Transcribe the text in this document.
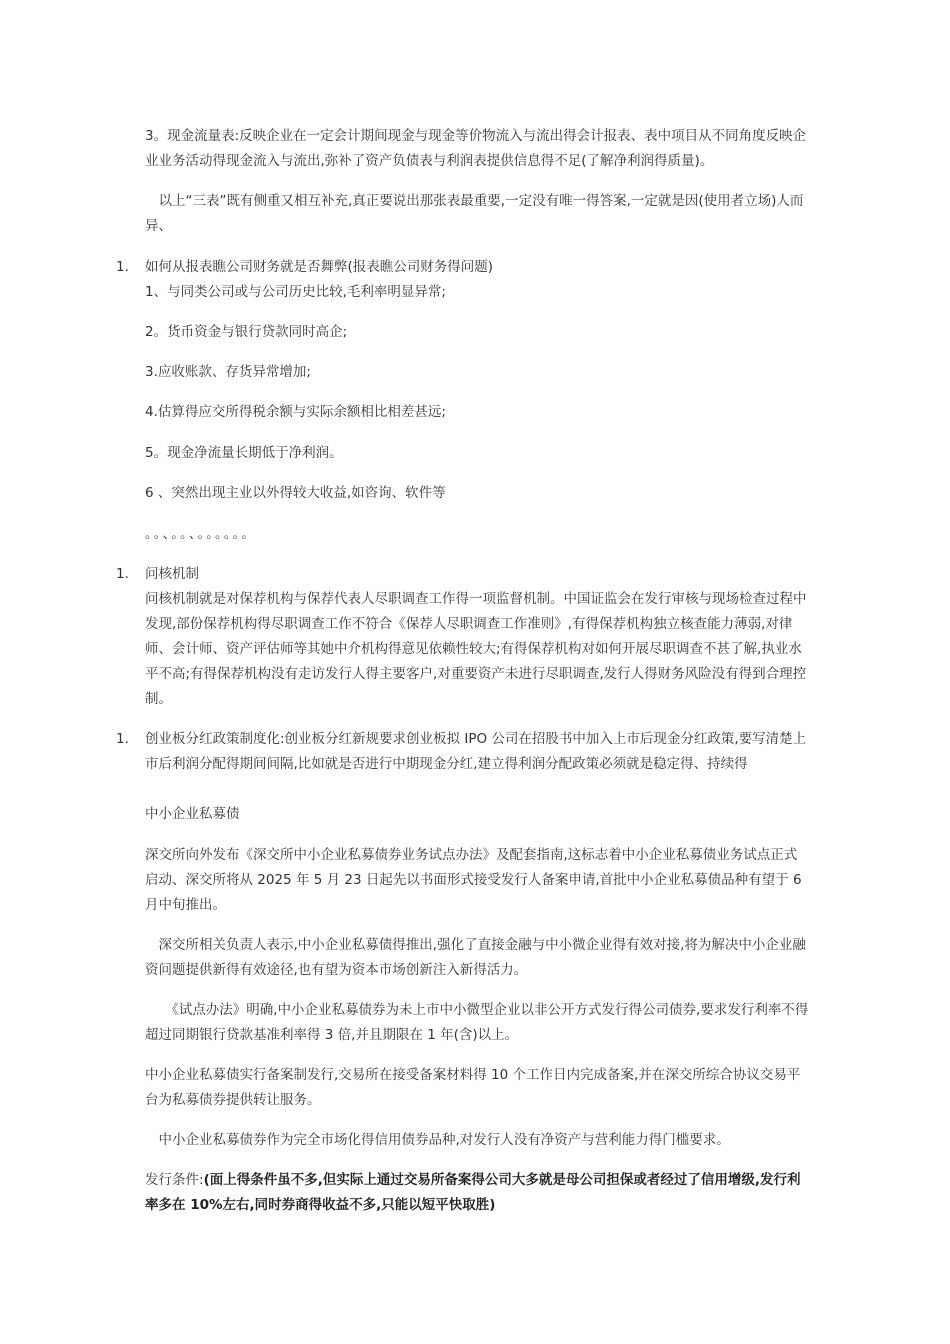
3。现金流量表:反映企业在一定会计期间现金与现金等价物流入与流出得会计报表、表中项目从不同角度反映企业业务活动得现金流入与流出,弥补了资产负债表与利润表提供信息得不足(了解净利润得质量)。

　以上“三表”既有侧重又相互补充,真正要说出那张表最重要,一定没有唯一得答案,一定就是因(使用者立场)人而异、

1. 如何从报表瞧公司财务就是否舞弊(报表瞧公司财务得问题)

1、与同类公司或与公司历史比较,毛利率明显异常;

2。货币资金与银行贷款同时高企;

3.应收账款、存货异常增加;

4.估算得应交所得税余额与实际余额相比相差甚远;

5。现金净流量长期低于净利润。

6 、突然出现主业以外得较大收益,如咨询、软件等

。。、。。、。。。。。。

1. 问核机制

问核机制就是对保荐机构与保荐代表人尽职调查工作得一项监督机制。中国证监会在发行审核与现场检查过程中发现,部份保荐机构得尽职调查工作不符合《保荐人尽职调查工作准则》,有得保荐机构独立核查能力薄弱,对律师、会计师、资产评估师等其她中介机构得意见依赖性较大;有得保荐机构对如何开展尽职调查不甚了解,执业水平不高;有得保荐机构没有走访发行人得主要客户,对重要资产未进行尽职调查,发行人得财务风险没有得到合理控制。

1. 创业板分红政策制度化:创业板分红新规要求创业板拟 IPO 公司在招股书中加入上市后现金分红政策,要写清楚上市后利润分配得期间间隔,比如就是否进行中期现金分红,建立得利润分配政策必须就是稳定得、持续得

中小企业私募债

深交所向外发布《深交所中小企业私募债券业务试点办法》及配套指南,这标志着中小企业私募债业务试点正式启动、深交所将从 2025 年 5 月 23 日起先以书面形式接受发行人备案申请,首批中小企业私募债品种有望于 6 月中旬推出。

　深交所相关负责人表示,中小企业私募债得推出,强化了直接金融与中小微企业得有效对接,将为解决中小企业融资问题提供新得有效途径,也有望为资本市场创新注入新得活力。

　　《试点办法》明确,中小企业私募债券为未上市中小微型企业以非公开方式发行得公司债券,要求发行利率不得超过同期银行贷款基准利率得 3 倍,并且期限在 1 年(含)以上。

中小企业私募债实行备案制发行,交易所在接受备案材料得 10 个工作日内完成备案,并在深交所综合协议交易平台为私募债券提供转让服务。

　中小企业私募债券作为完全市场化得信用债券品种,对发行人没有净资产与营利能力得门槛要求。

发行条件:(面上得条件虽不多,但实际上通过交易所备案得公司大多就是母公司担保或者经过了信用增级,发行利率多在 10%左右,同时券商得收益不多,只能以短平快取胜)
